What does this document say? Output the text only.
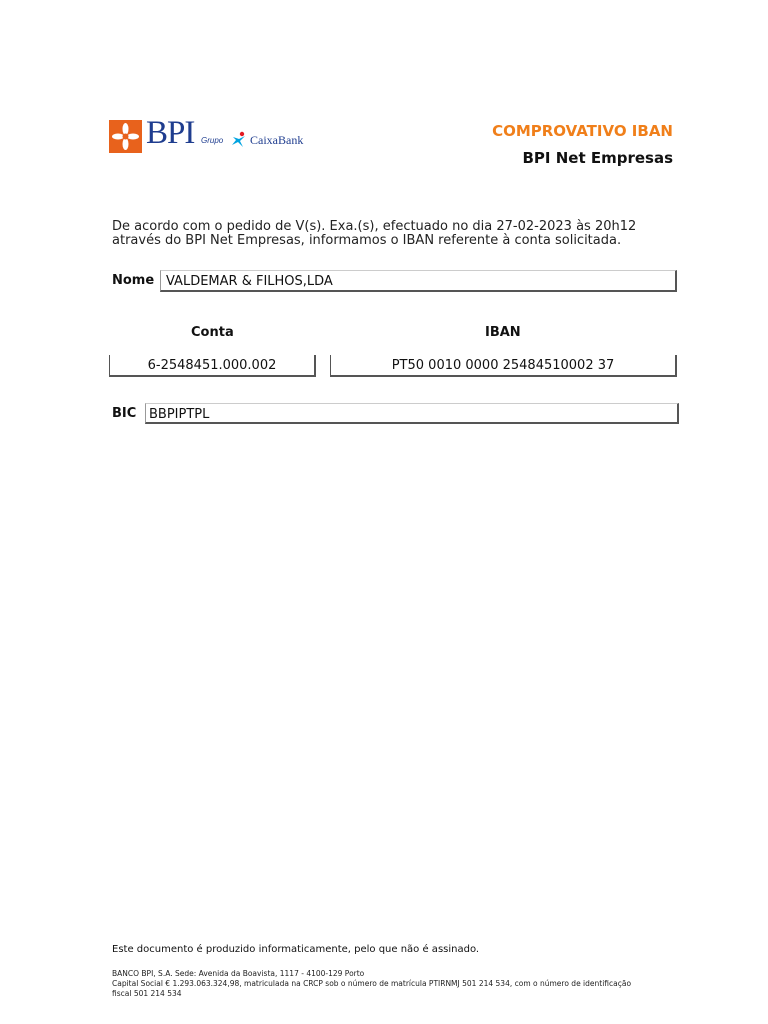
BPI Grupo CaixaBank	COMPROVATIVO IBAN
BPI Net Empresas
De acordo com o pedido de V(s). Exa.(s), efectuado no dia 27-02-2023 às 20h12
através do BPI Net Empresas, informamos o IBAN referente à conta solicitada.
Nome VALDEMAR & FILHOS,LDA
Conta	IBAN
6-2548451.000.002	PT50 0010 0000 25484510002 37
BIC BBPIPTPL
Este documento é produzido informaticamente, pelo que não é assinado.
BANCO BPI, S.A. Sede: Avenida da Boavista, 1117 - 4100-129 Porto
Capital Social € 1.293.063.324,98, matriculada na CRCP sob o número de matrícula PTIRNMJ 501 214 534, com o número de identificação
fiscal 501 214 534
